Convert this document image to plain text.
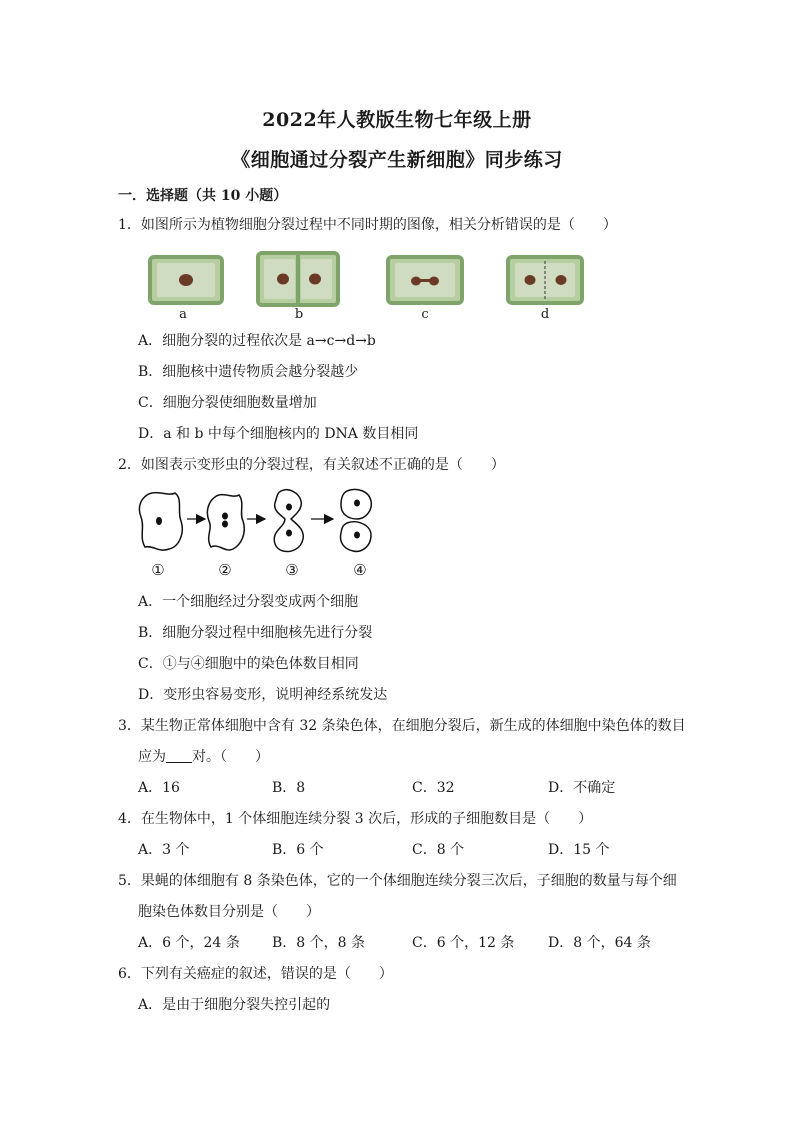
2022年人教版生物七年级上册
《细胞通过分裂产生新细胞》同步练习
一．选择题（共 10 小题）
1．如图所示为植物细胞分裂过程中不同时期的图像，相关分析错误的是（　　）
a	b	c	d
A．细胞分裂的过程依次是 a→c→d→b
B．细胞核中遗传物质会越分裂越少
C．细胞分裂使细胞数量增加
D．a 和 b 中每个细胞核内的 DNA 数目相同
2．如图表示变形虫的分裂过程，有关叙述不正确的是（　　）
①	②	③	④
A．一个细胞经过分裂变成两个细胞
B．细胞分裂过程中细胞核先进行分裂
C．①与④细胞中的染色体数目相同
D．变形虫容易变形，说明神经系统发达
3．某生物正常体细胞中含有 32 条染色体，在细胞分裂后，新生成的体细胞中染色体的数目
应为 对。（　　）
A．16	B．8	C．32	D．不确定
4．在生物体中，1 个体细胞连续分裂 3 次后，形成的子细胞数目是（　　）
A．3 个	B．6 个	C．8 个	D．15 个
5．果蝇的体细胞有 8 条染色体，它的一个体细胞连续分裂三次后，子细胞的数量与每个细
胞染色体数目分别是（　　）
A．6 个，24 条 B．8 个，8 条	C．6 个，12 条 D．8 个，64 条
6．下列有关癌症的叙述，错误的是（　　）
A．是由于细胞分裂失控引起的
